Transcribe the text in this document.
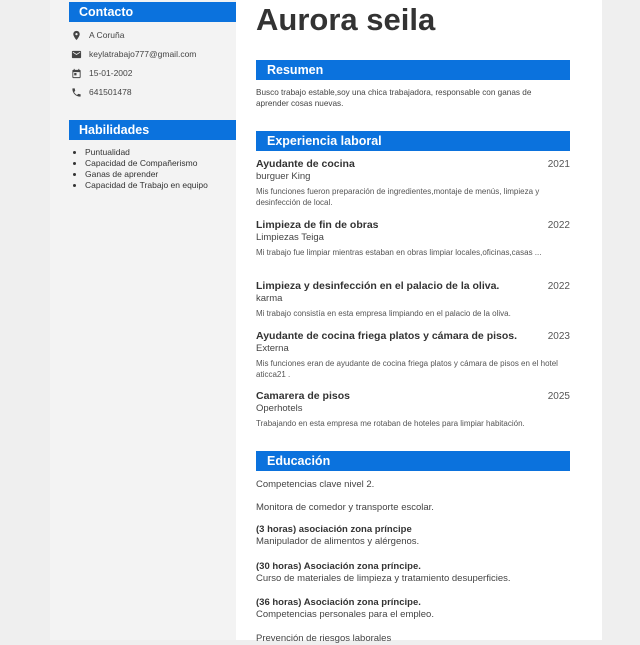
Contacto
A Coruña
keylatrabajo777@gmail.com
15-01-2002
641501478
Habilidades
• Puntualidad
• Capacidad de Compañerismo
• Ganas de aprender
• Capacidad de Trabajo en equipo
Aurora seila
Resumen
Busco trabajo estable,soy una chica trabajadora, responsable con ganas de aprender cosas nuevas.
Experiencia laboral
Ayudante de cocina	2021
burguer King
Mis funciones fueron preparación de ingredientes,montaje de menús, limpieza y desinfección de local.
Limpieza de fin de obras	2022
Limpiezas Teiga
Mi trabajo fue limpiar mientras estaban en obras limpiar locales,oficinas,casas ...
Limpieza y desinfección en el palacio de la oliva.	2022
karma
Mi trabajo consistía en esta empresa limpiando en el palacio de la oliva.
Ayudante de cocina friega platos y cámara de pisos.	2023
Externa
Mis funciones eran de ayudante de cocina friega platos y cámara de pisos en el hotel aticca21 .
Camarera de pisos	2025
Operhotels
Trabajando en esta empresa me rotaban de hoteles para limpiar habitación.
Educación
Competencias clave nivel 2.
Monitora de comedor y transporte escolar.
(3 horas) asociación zona príncipe
Manipulador de alimentos y alérgenos.
(30 horas) Asociación zona príncipe.
Curso de materiales de limpieza y tratamiento desuperficies.
(36 horas) Asociación zona príncipe.
Competencias personales para el empleo.
Prevención de riesgos laborales
